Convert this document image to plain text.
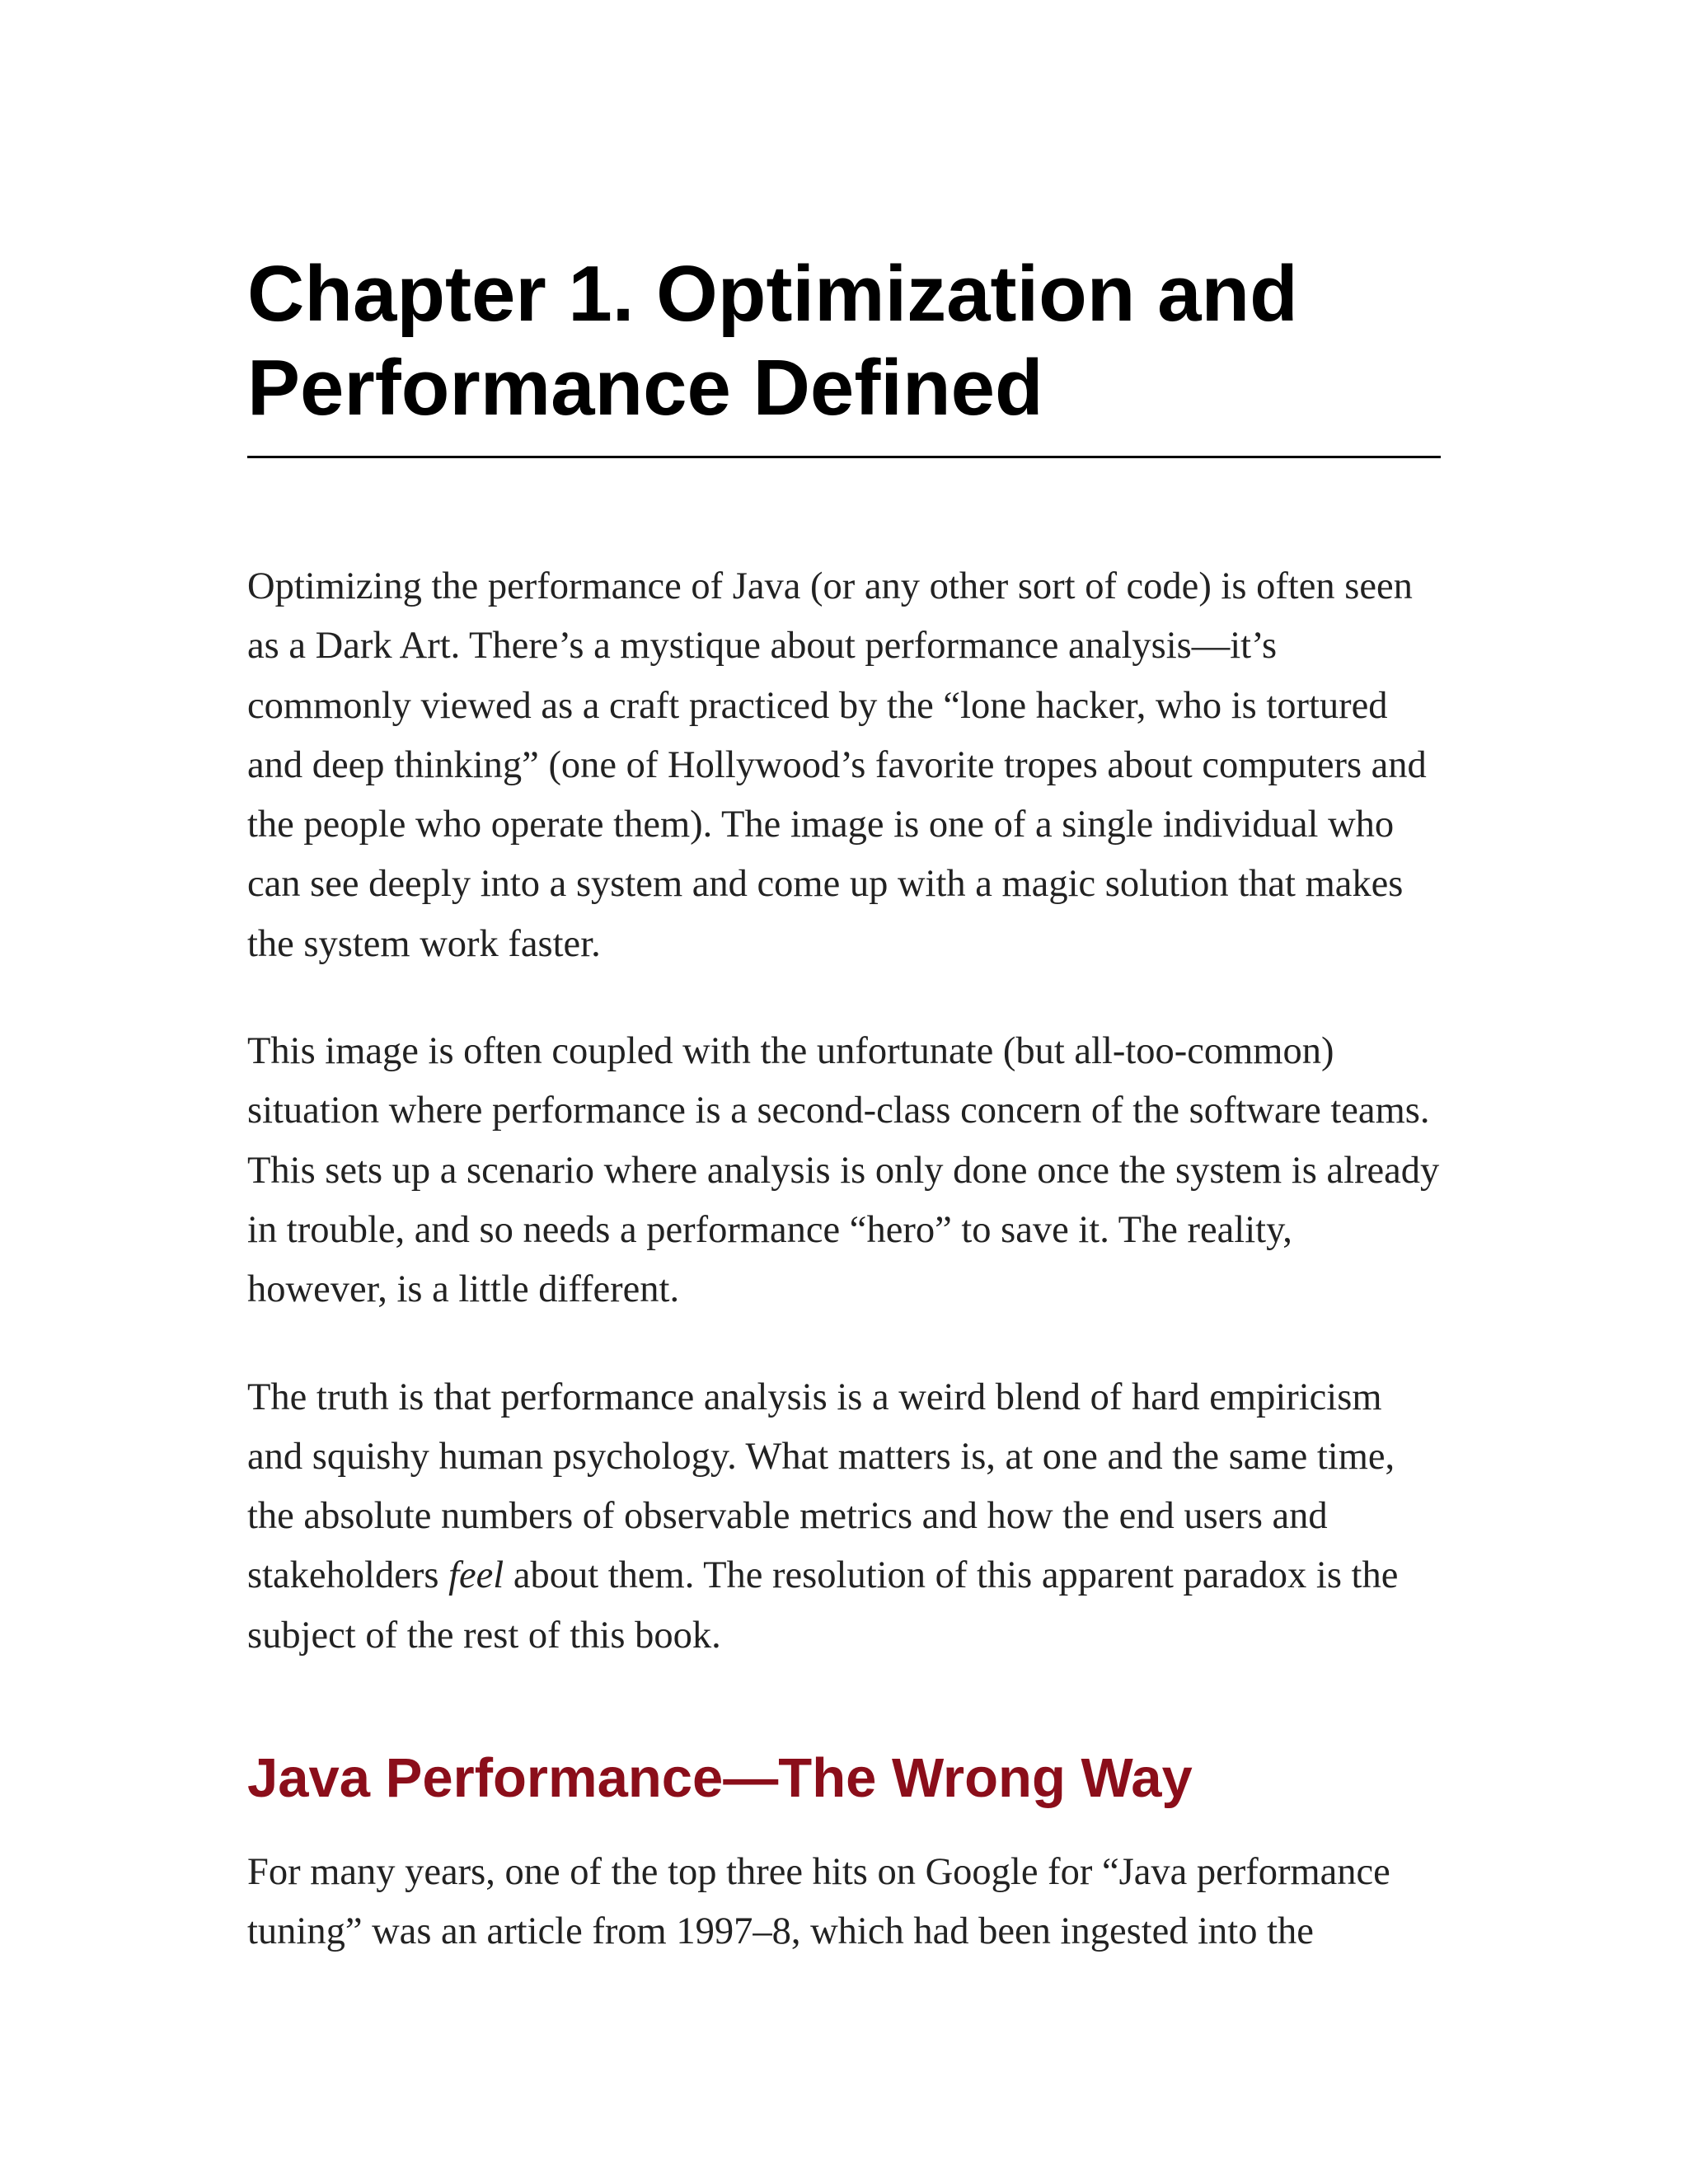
Chapter 1. Optimization and Performance Defined

Optimizing the performance of Java (or any other sort of code) is often seen as a Dark Art. There’s a mystique about performance analysis—it’s commonly viewed as a craft practiced by the “lone hacker, who is tortured and deep thinking” (one of Hollywood’s favorite tropes about computers and the people who operate them). The image is one of a single individual who can see deeply into a system and come up with a magic solution that makes the system work faster.

This image is often coupled with the unfortunate (but all-too-common) situation where performance is a second-class concern of the software teams. This sets up a scenario where analysis is only done once the system is already in trouble, and so needs a performance “hero” to save it. The reality, however, is a little different.

The truth is that performance analysis is a weird blend of hard empiricism and squishy human psychology. What matters is, at one and the same time, the absolute numbers of observable metrics and how the end users and stakeholders feel about them. The resolution of this apparent paradox is the subject of the rest of this book.

Java Performance—The Wrong Way

For many years, one of the top three hits on Google for “Java performance tuning” was an article from 1997–8, which had been ingested into the
